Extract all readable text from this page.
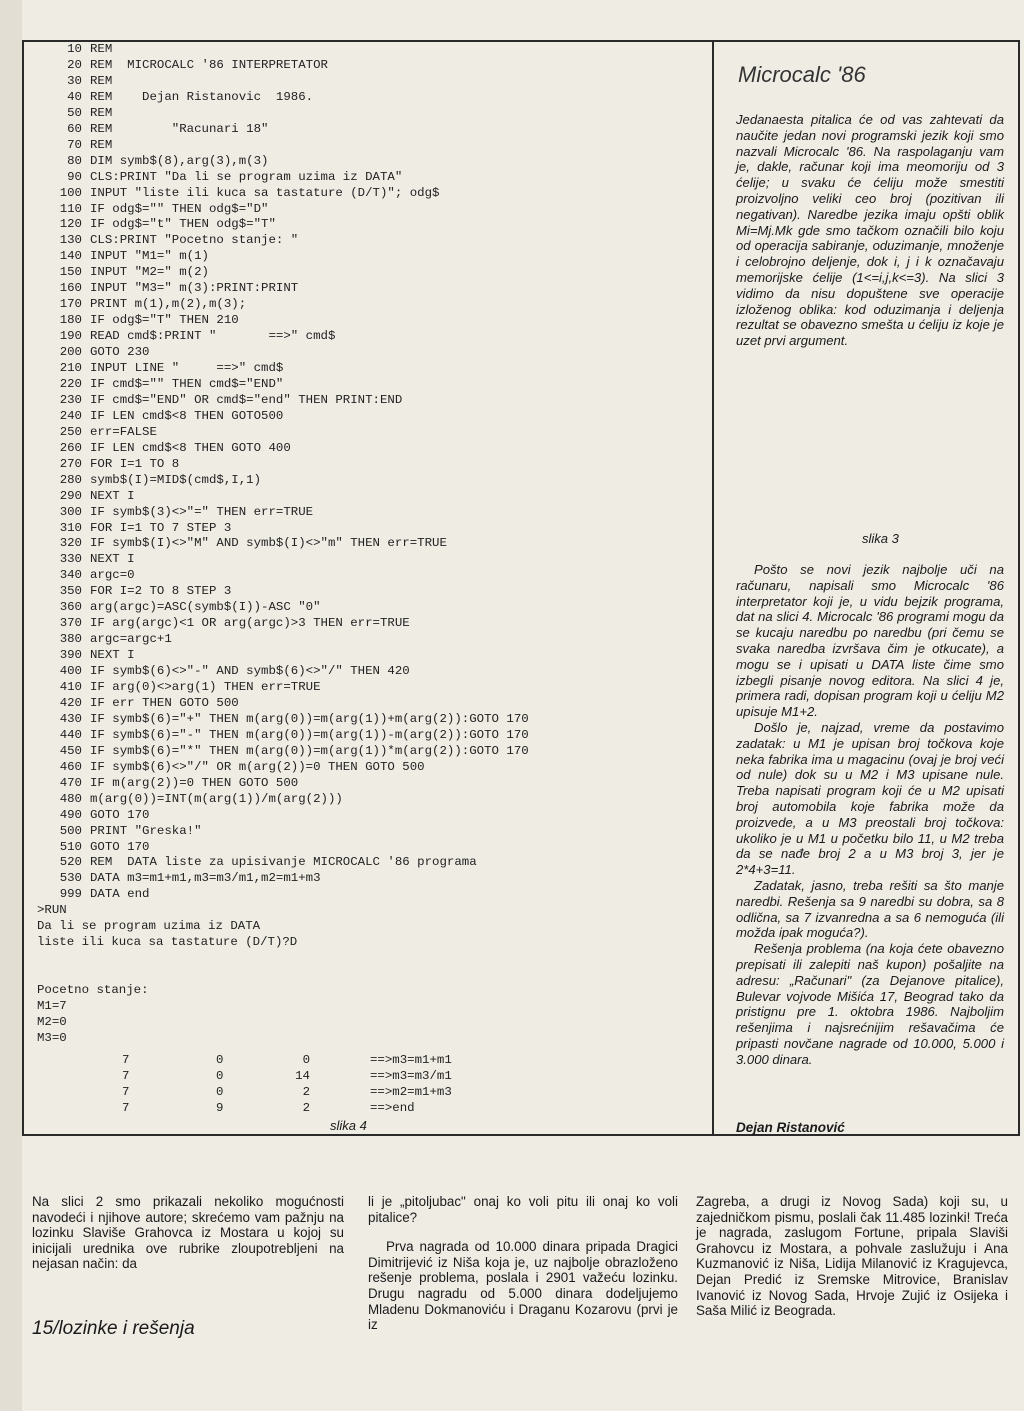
10 REM
20 REM  MICROCALC '86 INTERPRETATOR
30 REM
40 REM    Dejan Ristanovic  1986.
50 REM
60 REM        "Racunari 18"
70 REM
80 DIM symb$(8),arg(3),m(3)
90 CLS:PRINT "Da li se program uzima iz DATA"
100 INPUT "liste ili kuca sa tastature (D/T)"; odg$
110 IF odg$="" THEN odg$="D"
120 IF odg$="t" THEN odg$="T"
130 CLS:PRINT "Pocetno stanje: "
140 INPUT "M1=" m(1)
150 INPUT "M2=" m(2)
160 INPUT "M3=" m(3):PRINT:PRINT
170 PRINT m(1),m(2),m(3);
180 IF odg$="T" THEN 210
190 READ cmd$:PRINT "       ==>" cmd$
200 GOTO 230
210 INPUT LINE "     ==>" cmd$
220 IF cmd$="" THEN cmd$="END"
230 IF cmd$="END" OR cmd$="end" THEN PRINT:END
240 IF LEN cmd$<8 THEN GOTO500
250 err=FALSE
260 IF LEN cmd$<8 THEN GOTO 400
270 FOR I=1 TO 8
280 symb$(I)=MID$(cmd$,I,1)
290 NEXT I
300 IF symb$(3)<>"=" THEN err=TRUE
310 FOR I=1 TO 7 STEP 3
320 IF symb$(I)<>"M" AND symb$(I)<>"m" THEN err=TRUE
330 NEXT I
340 argc=0
350 FOR I=2 TO 8 STEP 3
360 arg(argc)=ASC(symb$(I))-ASC "0"
370 IF arg(argc)<1 OR arg(argc)>3 THEN err=TRUE
380 argc=argc+1
390 NEXT I
400 IF symb$(6)<>"-" AND symb$(6)<>"/" THEN 420
410 IF arg(0)<>arg(1) THEN err=TRUE
420 IF err THEN GOTO 500
430 IF symb$(6)="+" THEN m(arg(0))=m(arg(1))+m(arg(2)):GOTO 170
440 IF symb$(6)="-" THEN m(arg(0))=m(arg(1))-m(arg(2)):GOTO 170
450 IF symb$(6)="*" THEN m(arg(0))=m(arg(1))*m(arg(2)):GOTO 170
460 IF symb$(6)<>"/" OR m(arg(2))=0 THEN GOTO 500
470 IF m(arg(2))=0 THEN GOTO 500
480 m(arg(0))=INT(m(arg(1))/m(arg(2)))
490 GOTO 170
500 PRINT "Greska!"
510 GOTO 170
520 REM  DATA liste za upisivanje MICROCALC '86 programa
530 DATA m3=m1+m1,m3=m3/m1,m2=m1+m3
999 DATA end
>RUN
Da li se program uzima iz DATA
liste ili kuca sa tastature (D/T)?D
Pocetno stanje:
M1=7
M2=0
M3=0
7	0	0	==>m3=m1+m1
7	0	14	==>m3=m3/m1
7	0	2	==>m2=m1+m3
7	9	2	==>end
slika 4
Microcalc '86
Jedanaesta pitalica će od vas zahtevati da naučite jedan novi programski jezik koji smo nazvali Microcalc '86. Na raspolaganju vam je, dakle, računar koji ima meomoriju od 3 ćelije; u svaku će ćeliju može smestiti proizvoljno veliki ceo broj (pozitivan ili negativan). Naredbe jezika imaju opšti oblik Mi=Mj.Mk gde smo tačkom označili bilo koju od operacija sabiranje, oduzimanje, množenje i celobrojno deljenje, dok i, j i k označavaju memorijske ćelije (1<=i,j,k<=3). Na slici 3 vidimo da nisu dopuštene sve operacije izloženog oblika: kod oduzimanja i deljenja rezultat se obavezno smešta u ćeliju iz koje je uzet prvi argument.
slika 3

Pošto se novi jezik najbolje uči na računaru, napisali smo Microcalc '86 interpretator koji je, u vidu bejzik programa, dat na slici 4. Microcalc '86 programi mogu da se kucaju naredbu po naredbu (pri čemu se svaka naredba izvršava čim je otkucate), a mogu se i upisati u DATA liste čime smo izbegli pisanje novog editora. Na slici 4 je, primera radi, dopisan program koji u ćeliju M2 upisuje M1+2.

Došlo je, najzad, vreme da postavimo zadatak: u M1 je upisan broj točkova koje neka fabrika ima u magacinu (ovaj je broj veći od nule) dok su u M2 i M3 upisane nule. Treba napisati program koji će u M2 upisati broj automobila koje fabrika može da proizvede, a u M3 preostali broj točkova: ukoliko je u M1 u početku bilo 11, u M2 treba da se nađe broj 2 a u M3 broj 3, jer je 2*4+3=11.

Zadatak, jasno, treba rešiti sa što manje naredbi. Rešenja sa 9 naredbi su dobra, sa 8 odlična, sa 7 izvanredna a sa 6 nemoguća (ili možda ipak moguća?).

Rešenja problema (na koja ćete obavezno prepisati ili zalepiti naš kupon) pošaljite na adresu: „Računari" (za Dejanove pitalice), Bulevar vojvode Mišića 17, Beograd tako da pristignu pre 1. oktobra 1986. Najboljim rešenjima i najsrećnijim rešavačima će pripasti novčane nagrade od 10.000, 5.000 i 3.000 dinara.

Dejan Ristanović

Na slici 2 smo prikazali nekoliko mogućnosti navodeći i njihove autore; skrećemo vam pažnju na lozinku Slaviše Grahovca iz Mostara u kojoj su inicijali urednika ove rubrike zloupotrebljeni na nejasan način: da

li je „pitoljubac" onaj ko voli pitu ili onaj ko voli pitalice?

Prva nagrada od 10.000 dinara pripada Dragici Dimitrijević iz Niša koja je, uz najbolje obrazloženo rešenje problema, poslala i 2901 važeću lozinku. Drugu nagradu od 5.000 dinara dodeljujemo Mladenu Dokmanoviću i Draganu Kozarovu (prvi je iz

Zagreba, a drugi iz Novog Sada) koji su, u zajedničkom pismu, poslali čak 11.485 lozinki! Treća je nagrada, zaslugom Fortune, pripala Slaviši Grahovcu iz Mostara, a pohvale zaslužuju i Ana Kuzmanović iz Niša, Lidija Milanović iz Kragujevca, Dejan Predić iz Sremske Mitrovice, Branislav Ivanović iz Novog Sada, Hrvoje Zujić iz Osijeka i Saša Milić iz Beograda.

15/lozinke i rešenja
